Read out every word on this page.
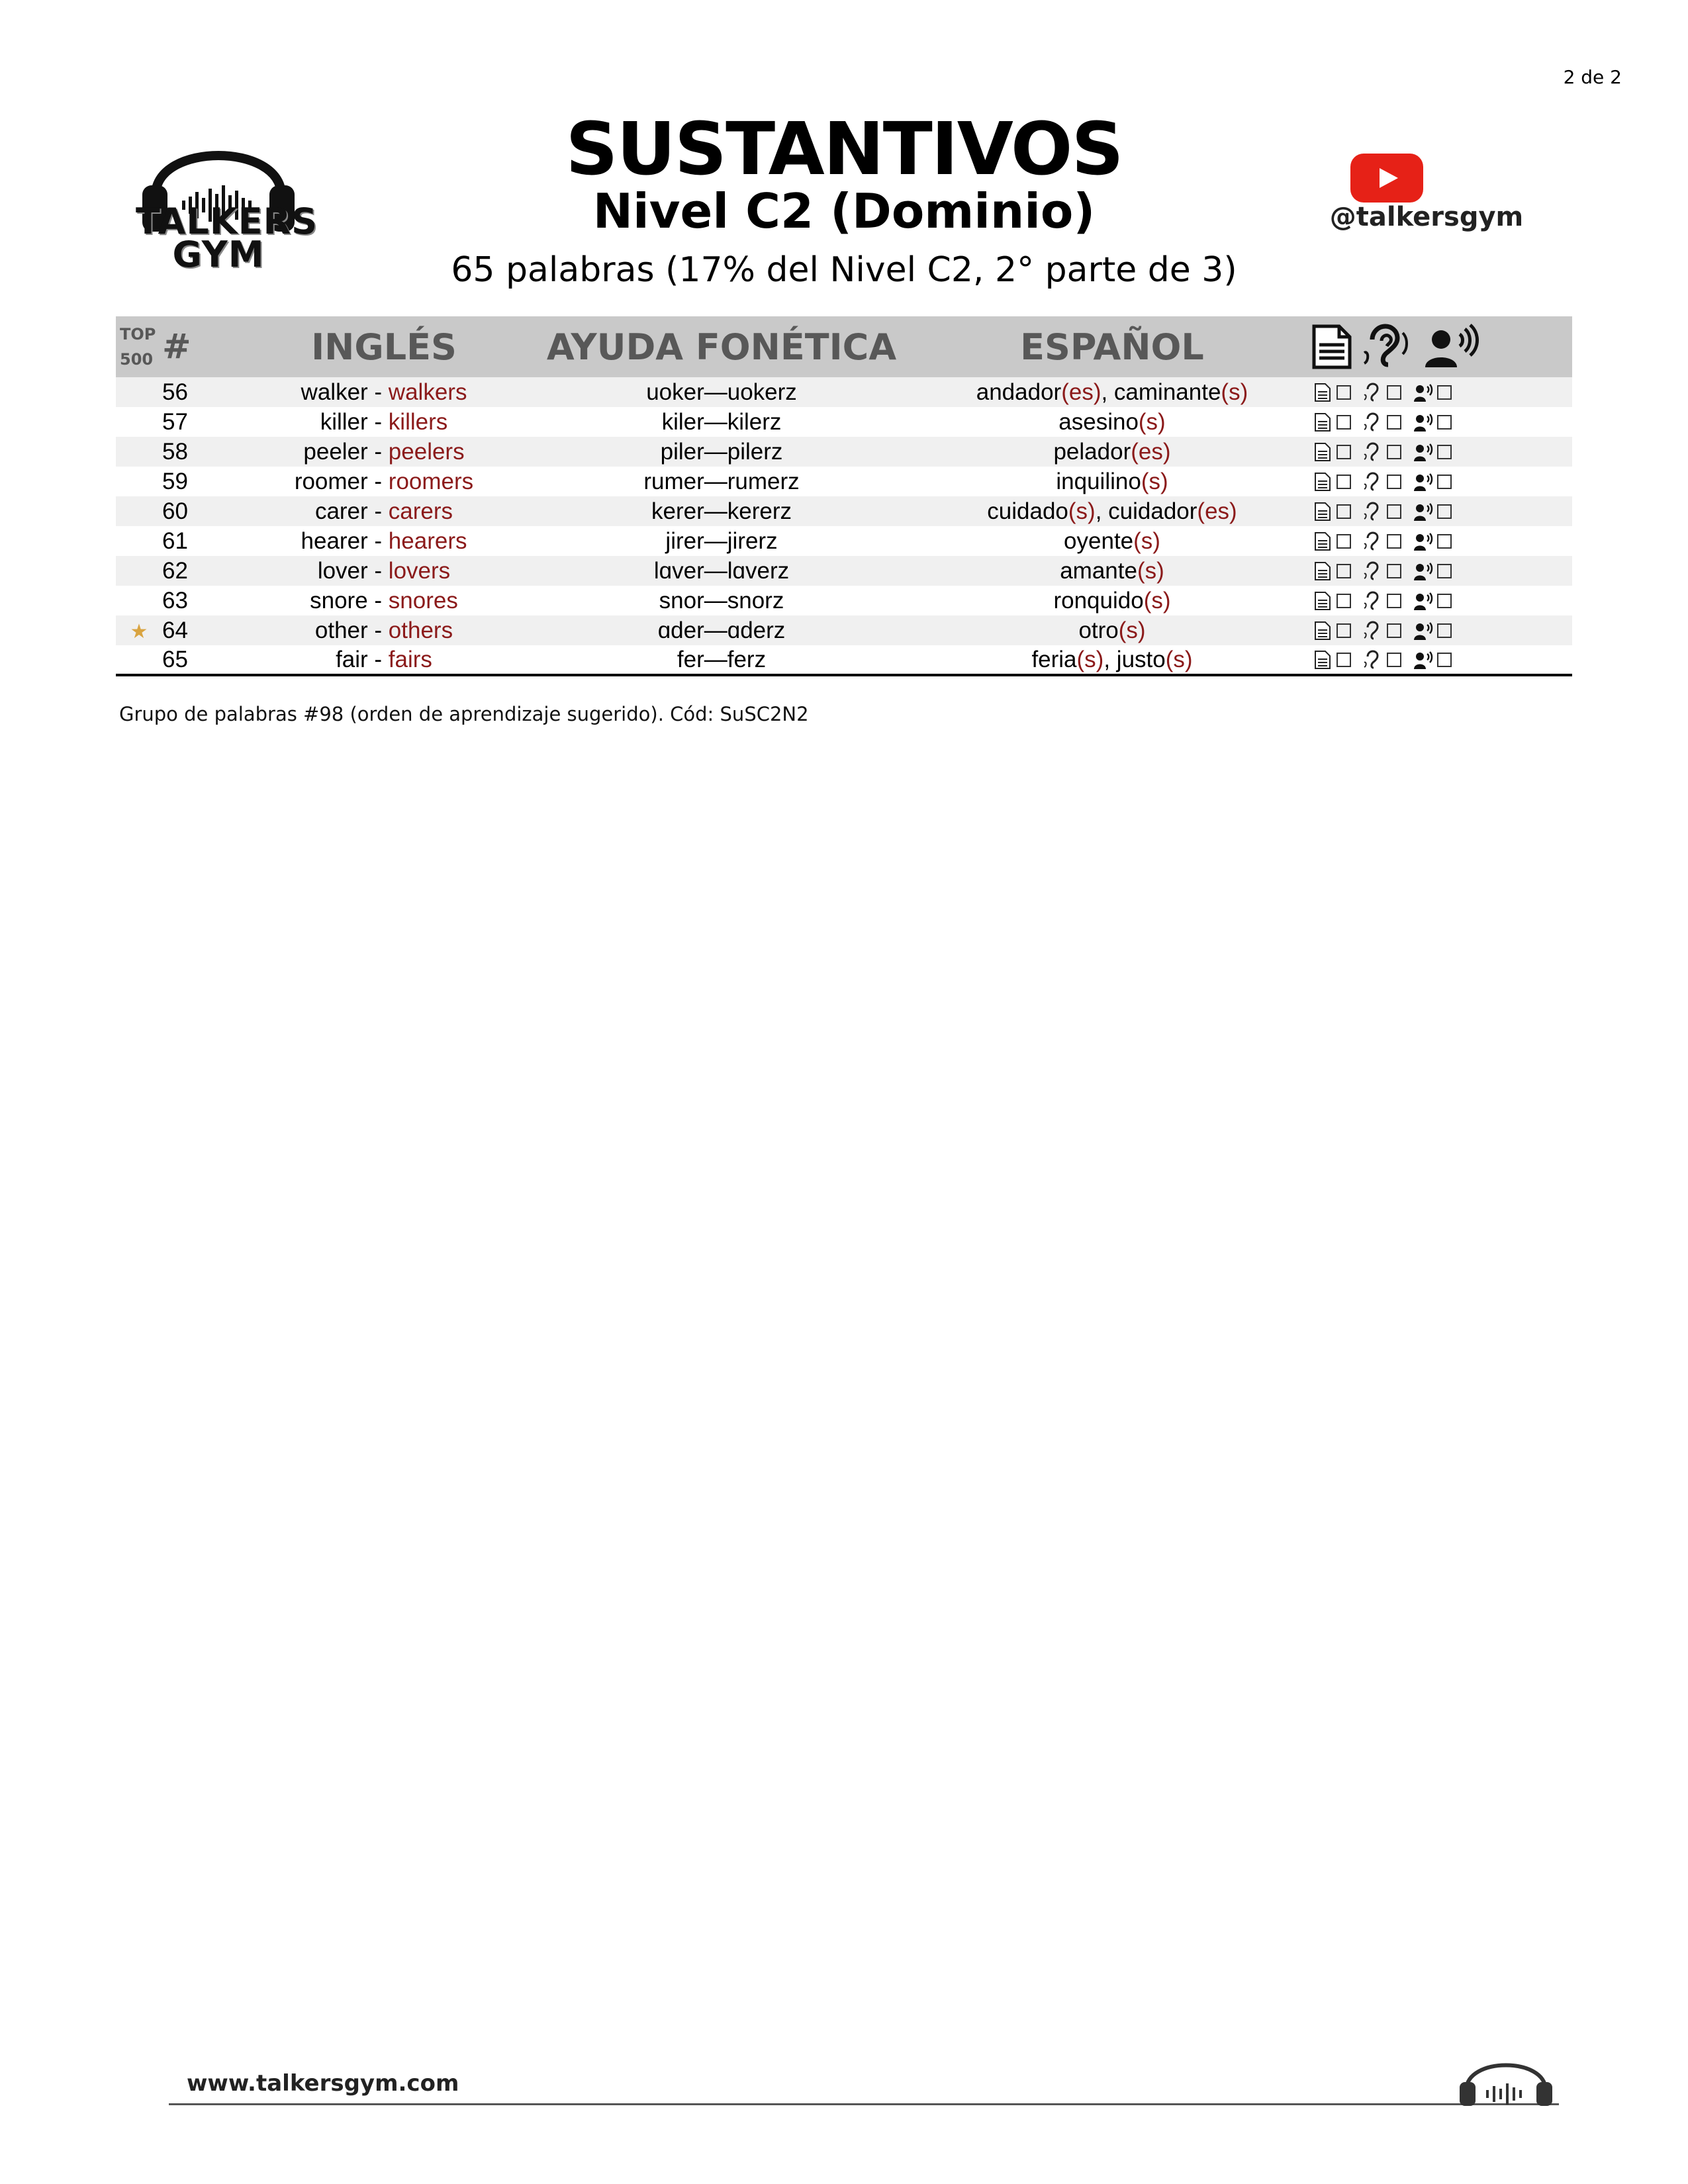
2 de 2
TALKERS
GYM
SUSTANTIVOS
Nivel C2 (Dominio)
65 palabras (17% del Nivel C2, 2° parte de 3)
@talkersgym
TOP
500	#	INGLÉS	AYUDA FONÉTICA	ESPAÑOL	

	56	walker - walkers	uoker—uokerz	andador(es), caminante(s)	

	57	killer - killers	kiler—kilerz	asesino(s)	

	58	peeler - peelers	piler—pilerz	pelador(es)	

	59	roomer - roomers	rumer—rumerz	inquilino(s)	

	60	carer - carers	kerer—kererz	cuidado(s), cuidador(es)	

	61	hearer - hearers	jirer—jirerz	oyente(s)	

	62	lover - lovers	lɑver—lɑverz	amante(s)	

	63	snore - snores	snor—snorz	ronquido(s)	

★	64	other - others	ɑder—ɑderz	otro(s)	

	65	fair - fairs	fer—ferz	feria(s), justo(s)	
Grupo de palabras #98 (orden de aprendizaje sugerido). Cód: SuSC2N2
www.talkersgym.com
